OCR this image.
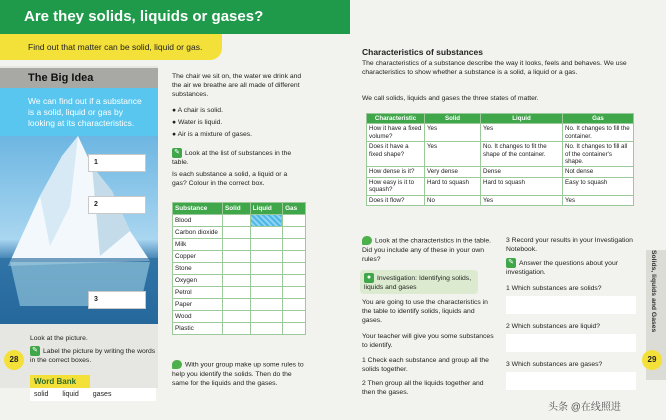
Are they solids, liquids or gases?
Find out that matter can be solid, liquid or gas.
The Big Idea
We can find out if a substance is a solid, liquid or gas by looking at its characteristics.
1
2
3
28
Look at the picture.
✎ Label the picture by writing the words in the correct boxes.
Word Bank
solid liquid gases
The chair we sit on, the water we drink and the air we breathe are all made of different substances.
● A chair is solid.
● Water is liquid.
● Air is a mixture of gases.
✎ Look at the list of substances in the table.
Is each substance a solid, a liquid or a gas? Colour in the correct box.
Substance	Solid	Liquid	Gas
Blood			
Carbon dioxide			
Milk			
Copper			
Stone			
Oxygen			
Petrol			
Paper			
Wood			
Plastic			
With your group make up some rules to help you identify the solids. Then do the same for the liquids and the gases.
Characteristics of substances
The characteristics of a substance describe the way it looks, feels and behaves. We use characteristics to show whether a substance is a solid, a liquid or a gas.
We call solids, liquids and gases the three states of matter.
Characteristic	Solid	Liquid	Gas
How it have a fixed volume?	Yes	Yes	No. It changes to fill the container.
Does it have a fixed shape?	Yes	No. It changes to fit the shape of the container.	No. It changes to fill all of the container's shape.
How dense is it?	Very dense	Dense	Not dense
How easy is it to squash?	Hard to squash	Hard to squash	Easy to squash
Does it flow?	No	Yes	Yes
Look at the characteristics in the table. Did you include any of these in your own rules?
● Investigation: Identifying solids, liquids and gases
You are going to use the characteristics in the table to identify solids, liquids and gases.
Your teacher will give you some substances to identify.
1 Check each substance and group all the solids together.
2 Then group all the liquids together and then the gases.
3 Record your results in your Investigation Notebook.
✎ Answer the questions about your investigation.
1 Which substances are solids?
2 Which substances are liquid?
3 Which substances are gases?
Solids, liquids and Gases
29
头条 @在线照进
